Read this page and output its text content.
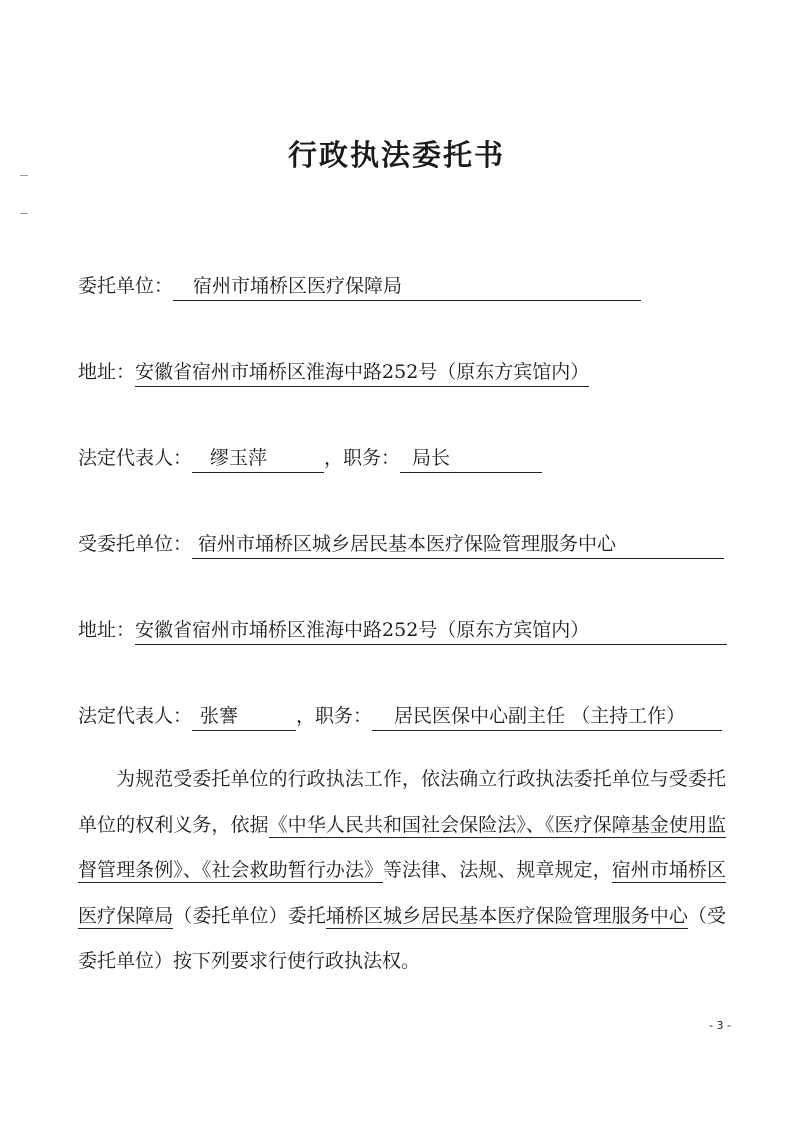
行政执法委托书
委托单位： 宿州市埇桥区医疗保障局
地址：安徽省宿州市埇桥区淮海中路252号（原东方宾馆内）
法定代表人： 缪玉萍	，职务： 局长
受委托单位： 宿州市埇桥区城乡居民基本医疗保险管理服务中心
地址：安徽省宿州市埇桥区淮海中路252号（原东方宾馆内）
法定代表人： 张謇	，职务： 居民医保中心副主任 （主持工作）
为规范受委托单位的行政执法工作，依法确立行政执法委托单位与受委托单位的权利义务，依据《中华人民共和国社会保险法》、《医疗保障基金使用监督管理条例》、《社会救助暂行办法》等法律、法规、规章规定，宿州市埇桥区医疗保障局（委托单位）委托埇桥区城乡居民基本医疗保险管理服务中心（受委托单位）按下列要求行使行政执法权。
- 3 -
